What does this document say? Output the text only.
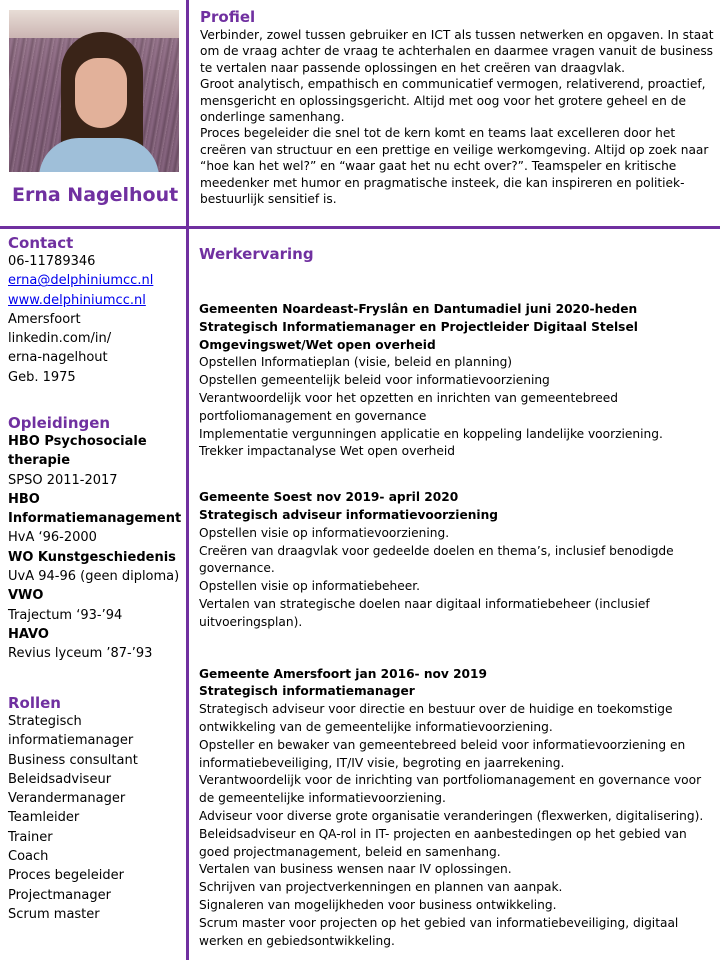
Erna Nagelhout
Profiel
Verbinder, zowel tussen gebruiker en ICT als tussen netwerken en opgaven. In staat om de vraag achter de vraag te achterhalen en daarmee vragen vanuit de business te vertalen naar passende oplossingen en het creëren van draagvlak.
Groot analytisch, empathisch en communicatief vermogen, relativerend, proactief, mensgericht en oplossingsgericht. Altijd met oog voor het grotere geheel en de onderlinge samenhang.
Proces begeleider die snel tot de kern komt en teams laat excelleren door het creëren van structuur en een prettige en veilige werkomgeving. Altijd op zoek naar “hoe kan het wel?” en “waar gaat het nu echt over?”. Teamspeler en kritische meedenker met humor en pragmatische insteek, die kan inspireren en politiek-bestuurlijk sensitief is.
Contact
06-11789346
erna@delphiniumcc.nl
www.delphiniumcc.nl
Amersfoort
linkedin.com/in/
erna-nagelhout
Geb. 1975
Opleidingen
HBO Psychosociale
therapie
SPSO 2011-2017
HBO
Informatiemanagement
HvA ‘96-2000
WO Kunstgeschiedenis
UvA 94-96 (geen diploma)
VWO
Trajectum ‘93-’94
HAVO
Revius lyceum ’87-’93
Rollen
Strategisch
informatiemanager
Business consultant
Beleidsadviseur
Verandermanager
Teamleider
Trainer
Coach
Proces begeleider
Projectmanager
Scrum master
Werkervaring
Gemeenten Noardeast-Fryslân en Dantumadiel juni 2020-heden
Strategisch Informatiemanager en Projectleider Digitaal Stelsel
Omgevingswet/Wet open overheid
Opstellen Informatieplan (visie, beleid en planning)
Opstellen gemeentelijk beleid voor informatievoorziening
Verantwoordelijk voor het opzetten en inrichten van gemeentebreed portfoliomanagement en governance
Implementatie vergunningen applicatie en koppeling landelijke voorziening.
Trekker impactanalyse Wet open overheid
Gemeente Soest nov 2019- april 2020
Strategisch adviseur informatievoorziening
Opstellen visie op informatievoorziening.
Creëren van draagvlak voor gedeelde doelen en thema’s, inclusief benodigde governance.
Opstellen visie op informatiebeheer.
Vertalen van strategische doelen naar digitaal informatiebeheer (inclusief uitvoeringsplan).
Gemeente Amersfoort jan 2016- nov 2019
Strategisch informatiemanager
Strategisch adviseur voor directie en bestuur over de huidige en toekomstige ontwikkeling van de gemeentelijke informatievoorziening.
Opsteller en bewaker van gemeentebreed beleid voor informatievoorziening en informatiebeveiliging, IT/IV visie, begroting en jaarrekening.
Verantwoordelijk voor de inrichting van portfoliomanagement en governance voor de gemeentelijke informatievoorziening.
Adviseur voor diverse grote organisatie veranderingen (flexwerken, digitalisering).
Beleidsadviseur en QA-rol in IT- projecten en aanbestedingen op het gebied van goed projectmanagement, beleid en samenhang.
Vertalen van business wensen naar IV oplossingen.
Schrijven van projectverkenningen en plannen van aanpak.
Signaleren van mogelijkheden voor business ontwikkeling.
Scrum master voor projecten op het gebied van informatiebeveiliging, digitaal werken en gebiedsontwikkeling.
